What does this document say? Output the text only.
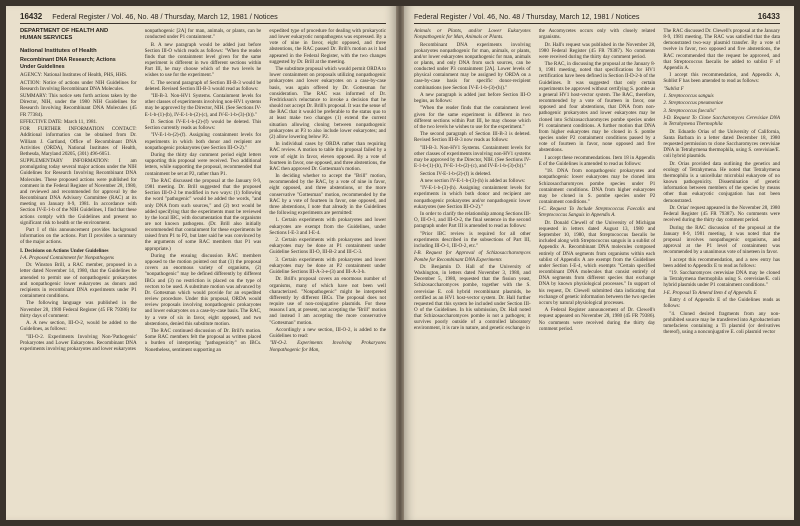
16432 Federal Register / Vol. 46, No. 48 / Thursday, March 12, 1981 / Notices

DEPARTMENT OF HEALTH AND
HUMAN SERVICES

National Institutes of Health

Recombinant DNA Research; Actions
Under Guidelines

AGENCY: National Institutes of Health, PHS, HHS.

ACTION: Notice of actions under NIH Guidelines for Research Involving Recombinant DNA Molecules.

SUMMARY: This notice sets forth actions taken by the Director, NIH, under the 1980 NIH Guidelines for Research Involving Recombinant DNA Molecules (45 FR 77384).

EFFECTIVE DATE: March 11, 1981.

FOR FURTHER INFORMATION CONTACT: Additional information can be obtained from Dr. William J. Gartland, Office of Recombinant DNA Activities (ORDA), National Institutes of Health, Bethesda, Maryland 20205, (301) 496-6051.

SUPPLEMENTARY INFORMATION: I am promulgating today several major actions under the NIH Guidelines for Research Involving Recombinant DNA Molecules. These proposed actions were published for comment in the Federal Register of November 28, 1980, and reviewed and recommended for approval by the Recombinant DNA Advisory Committee (RAC) at its meeting on January 8-9, 1981. In accordance with Section IV-E-1-b of the NIH Guidelines, I find that these actions comply with the Guidelines and present no significant risk to health or the environment.

Part I of this announcement provides background information on the actions. Part II provides a summary of the major actions.

I. Decisions on Actions Under Guidelines

I-A. Proposed Containment for Nonpathogens

Dr. Winston Brill, a RAC member, proposed in a letter dated November 14, 1980, that the Guidelines be amended to permit use of nonpathogenic prokaryotes and nonpathogenic lower eukaryotes as donors and recipients in recombinant DNA experiments under P1 containment conditions.

The following language was published in the November 28, 1980 Federal Register (45 FR 79386) for thirty days of comment:

A. A new section, III-O-2, would be added to the Guidelines, as follows:

"III-O-2. Experiments Involving Non-'Pathogenic' Prokaryotes and Lower Eukaryotes. Recombinant DNA experiments involving prokaryotes and lower eukaryotes

nonpathogenic [2A] for man, animals, or plants, can be conducted under P1 containment."

B. A new paragraph would be added just before Section III-O which reads as follows: "When the reader finds that the containment level given for the same experiment is different in two different sections within Part III, he may choose which of the two levels he wishes to use for the experiment."

C. The second paragraph of Section III-B-3 would be deleted. Revised Section III-B-3 would read as follows:

"III-B-3. Non-HV1 Systems. Containment levels for other classes of experiments involving non-HV1 systems may be approved by the Director, NIH. (See Sections IV-E-1-b-(1)-(b), IV-E-1-b-(2)-(c), and IV-E-1-b-(3)-(b))."

D. Section IV-E-1-b-(2)-(f) would be deleted. This Section currently reads as follows:

"IV-E-1-b-(2)-(f). Assigning containment levels for experiments in which both donor and recipient are nonpathogenic prokaryotes (see Section III-O-2)."

During the thirty day comment period eight letters supporting this proposal were received. Two additional letters, while supporting the proposal, recommended that containment be set at P2, rather than P1.

The RAC discussed the proposal at the January 8-9, 1981 meeting. Dr. Brill suggested that the proposed Section III-O-2 be modified in two ways: (1) following the word "pathogenic" would be added the words, "and only DNA from such sources," and (2) text would be added specifying that the experiments must be reviewed by the local IBC, with documentation that the organisms are not known pathogens. (Dr. Brill also initially recommended that containment for these experiments be raised from P1 to P2, but later said he was convinced by the arguments of some RAC members that P1 was appropriate.)

During the ensuing discussion RAC members opposed to the motion pointed out that (1) the proposal covers an enormous variety of organisms, (2) "nonpathogenic" may be defined differently by different IBCs and (3) no restriction is placed on the type of vectors to be used. A substitute motion was advanced by Dr. Gottesman which would provide for an expedited review procedure. Under this proposal, ORDA would review proposals involving nonpathogenic prokaryotes and lower eukaryotes on a case-by-case basis. The RAC, by a vote of six in favor, eight opposed, and two abstentions, denied this substitute motion.

The RAC continued discussion of Dr. Brill's motion. Some RAC members felt the proposal as written placed a burden of interpreting "pathogenicity" on IBCs. Nonetheless, sentiment supporting an

expedited type of procedure for dealing with prokaryotic and lower eukaryotic nonpathogens was expressed. By a vote of nine in favor, eight opposed, and three abstentions, the RAC passed Dr. Brill's motion as it had appeared in the Federal Register, with the two changes suggested by Dr. Brill at the meeting.

The substitute proposal which would permit ORDA to lower containment on proposals utilizing nonpathogenic prokaryotes and lower eukaryotes on a case-by-case basis, was again offered by Dr. Gottesman for consideration. The RAC was informed of Dr. Fredrickson's reluctance to invoke a decision that he should not accept Dr. Brill's proposal. It was the sense of the RAC that it would be preferable to the status quo to at least make two changes (1) extend the current situation allowing cloning between nonpathogenic prokaryotes at P3 to also include lower eukaryotes; and (2) allow lowering below P2.

In individual cases by ORDA rather than requiring RAC review. A motion to table this proposal failed by a vote of eight in favor, eleven opposed. By a vote of fourteen in favor, one opposed, and three abstentions, the RAC then approved Dr. Gottesman's motion.

In deciding whether to accept the "Brill" motion, recommended by the RAC, by a vote of nine in favor, eight opposed, and three abstentions, or the more conservative "Gottesman" motion, recommended by the RAC by a vote of fourteen in favor, one opposed, and three abstentions, I note that already in the Guidelines the following experiments are permitted:

1. Certain experiments with prokaryotes and lower eukaryotes are exempt from the Guidelines, under Sections I-E-3 and I-E-4.

2. Certain experiments with prokaryotes and lower eukaryotes may be done at P1 containment under Guideline Sections III-O, III-B-2 and III-C-3.

3. Certain experiments with prokaryotes and lower eukaryotes may be done at P2 containment under Guideline Sections III-A-3-e-(3) and III-A-3-h.

Dr. Brill's proposal covers an enormous number of organisms, many of which have not been well characterized. "Nonpathogenic" might be interpreted differently by different IBCs. The proposal does not require use of non-conjugative plasmids. For these reasons I am, at present, not accepting the "Brill" motion and instead I am accepting the more conservative "Gottesman" motion.

Accordingly a new section, III-O-2, is added to the Guidelines to read:

"III-O-2. Experiments Involving Prokaryotes Nonpathogenic for Man,

Federal Register / Vol. 46, No. 48 / Thursday, March 12, 1981 / Notices	16433

Animals or Plants, and/or Lower Eukaryotes Nonpathogenic for Man, Animals or Plants.

Recombinant DNA experiments involving prokaryotes nonpathogenic for man, animals, or plants, and/or lower eukaryotes nonpathogenic for man, animals or plants, and only DNA from such sources, can be conducted under P3 containment [2A]. Lower levels of physical containment may be assigned by ORDA on a case-by-case basis for specific donor-recipient combinations (see Section IV-E-1-b-(3)-(h))."

A new paragraph is added just before Section III-O begins, as follows:

"When the reader finds that the containment level given for the same experiment is different in two different sections within Part III, he may choose which of the two levels he wishes to use for the experiment."

The second paragraph of Section III-B-3 is deleted. Revised Section III-B-3 now reads as follows:

"III-B-3. Non-HV1 Systems. Containment levels for other classes of experiments involving non-HV1 systems may be approved by the Director, NIH. (See Sections IV-E-1-b-(1)-(b), IV-E-1-b-(2)-(c), and IV-E-1-b-(3)-(b))."

Section IV-E-1-b-(2)-(f) is deleted.

A new section IV-E-1-b-(3)-(h) is added as follows:

"IV-E-1-b-(3)-(h). Assigning containment levels for experiments in which both donor and recipient are nonpathogenic prokaryotes and/or nonpathogenic lower eukaryotes (see Section III-O-2)."

In order to clarify the relationship among Sections III-O, III-O-1, and III-O-2, the final sentence in the second paragraph under Part III is amended to read as follows:

"Prior IBC review is required for all other experiments described in the subsections of Part III, including III-O-1, III-O-2, etc."

I-B. Request for Approval of Schizosaccharomyces Pombe for Recombinant DNA Experiments

Dr. Benjamin D. Hall of the University of Washington, in letters dated November 3, 1980, and December 5, 1980, requested that the fission yeast, Schizosaccharomyces pombe, together with the S. cerevisiae E. coli hybrid recombinant plasmids, be certified as an HV1 host-vector system. Dr. Hall further requested that this system be included under Section III-O of the Guidelines. In his submission, Dr. Hall noted that Schizosaccharomyces pombe is not a pathogen; it survives poorly outside of a controlled laboratory environment, it is rare in nature, and genetic exchange in

the Ascomycetes occurs only with closely related organisms.

Dr. Hall's request was published in the November 28, 1980 Federal Register (45 FR 79387). No comments were received during the thirty day comment period.

The RAC, in discussing the proposal at the January 8-9, 1981 meeting, noted that specifications for HV1 certification have been defined in Section II-D-2-b of the Guidelines. It was suggested that only certain experiments be approved without certifying S. pombe as a general HV1 host-vector system. The RAC, therefore, recommended by a vote of fourteen in favor, one opposed and four abstentions, that DNA from non-pathogenic prokaryotes and lower eukaryotes may be cloned into Schizosaccharomyces pombe species under P1 containment conditions. A further motion that DNA from higher eukaryotes may be cloned in S. pombe species under P2 containment conditions passed by a vote of fourteen in favor, none opposed and five abstentions.

I accept these recommendations. Item 18 in Appendix E of the Guidelines is amended to read as follows:

"18. DNA from nonpathogenic prokaryotes and nonpathogenic lower eukaryotes may be cloned into Schizosaccharomyces pombe species under P1 containment conditions. DNA from higher eukaryotes may be cloned in S. pombe species under P2 containment conditions."

I-C. Request To Include Streptococcus Faecalis and Streptococcus Sanguis in Appendix A.

Dr. Donald Clewell of the University of Michigan requested in letters dated August 13, 1980 and September 10, 1980, that Streptococcus faecalis be included along with Streptococcus sanguis in a sublist of Appendix A. Recombinant DNA molecules composed entirely of DNA segments from organisms within each sublist of Appendix A are exempt from the Guidelines under Section I-E-4, which exempts "Certain specified recombinant DNA molecules that consist entirely of DNA segments from different species that exchange DNA by known physiological processes." In support of his request, Dr. Clewell submitted data indicating that exchange of genetic information between the two species occurs by natural physiological processes.

A Federal Register announcement of Dr. Clewell's request appeared on November 28, 1980 (45 FR 79386). No comments were received during the thirty day comment period.

The RAC discussed Dr. Clewell's proposal at the January 8-9, 1981 meeting. The RAC was satisfied that the data demonstrated two-way plasmid transfer. By a vote of twelve in favor, two opposed and five abstentions, the RAC recommended that the request be approved, and that Streptococcus faecalis be added to sublist F of Appendix A.

I accept this recommendation, and Appendix A, Sublist F has been amended to read as follows:

"Sublist F

1. Streptococcus sanguis

2. Streptococcus pneumoniae

3. Streptococcus faecalis"

I-D. Request To Clone Saccharomyces Cerevisiae DNA in Tetrahymena Thermophila

Dr. Eduardo Orias of the University of California, Santa Barbara in a letter dated December 18, 1980 requested permission to clone Saccharomyces cerevisiae DNA in Tetrahymena thermophila, using S. cerevisiae/E. coli hybrid plasmids.

Dr. Orias provided data outlining the genetics and ecology of Tetrahymena. He noted that Tetrahymena thermophila is a unicellular microbial eukaryote of no known pathogenicity. Dissemination of genetic information between members of the species by means other than eukaryotic conjugation has not been demonstrated.

Dr. Orias' request appeared in the November 28, 1980 Federal Register (45 FR 79387). No comments were received during the thirty day comment period.

During the RAC discussion of the proposal at the January 8-9, 1981 meeting, it was noted that the proposal involves nonpathogenic organisms, and approval at the P1 level of containment was recommended by a unanimous vote of nineteen in favor.

I accept this recommendation, and a new entry has been added to Appendix E to read as follows:

"19. Saccharomyces cerevisiae DNA may be cloned in Tetrahymena thermophila using S. cerevisiae/E. coli hybrid plasmids under P1 containment conditions."

I-E. Proposal To Amend Item 4 of Appendix E

Entry 4 of Appendix E of the Guidelines reads as follows:

"4. Cloned desired fragments from any non-prohibited source may be transferred into Agrobacterium tumefaciens containing a Ti plasmid (or derivatives thereof), using a nonconjugative E. coli plasmid vector
